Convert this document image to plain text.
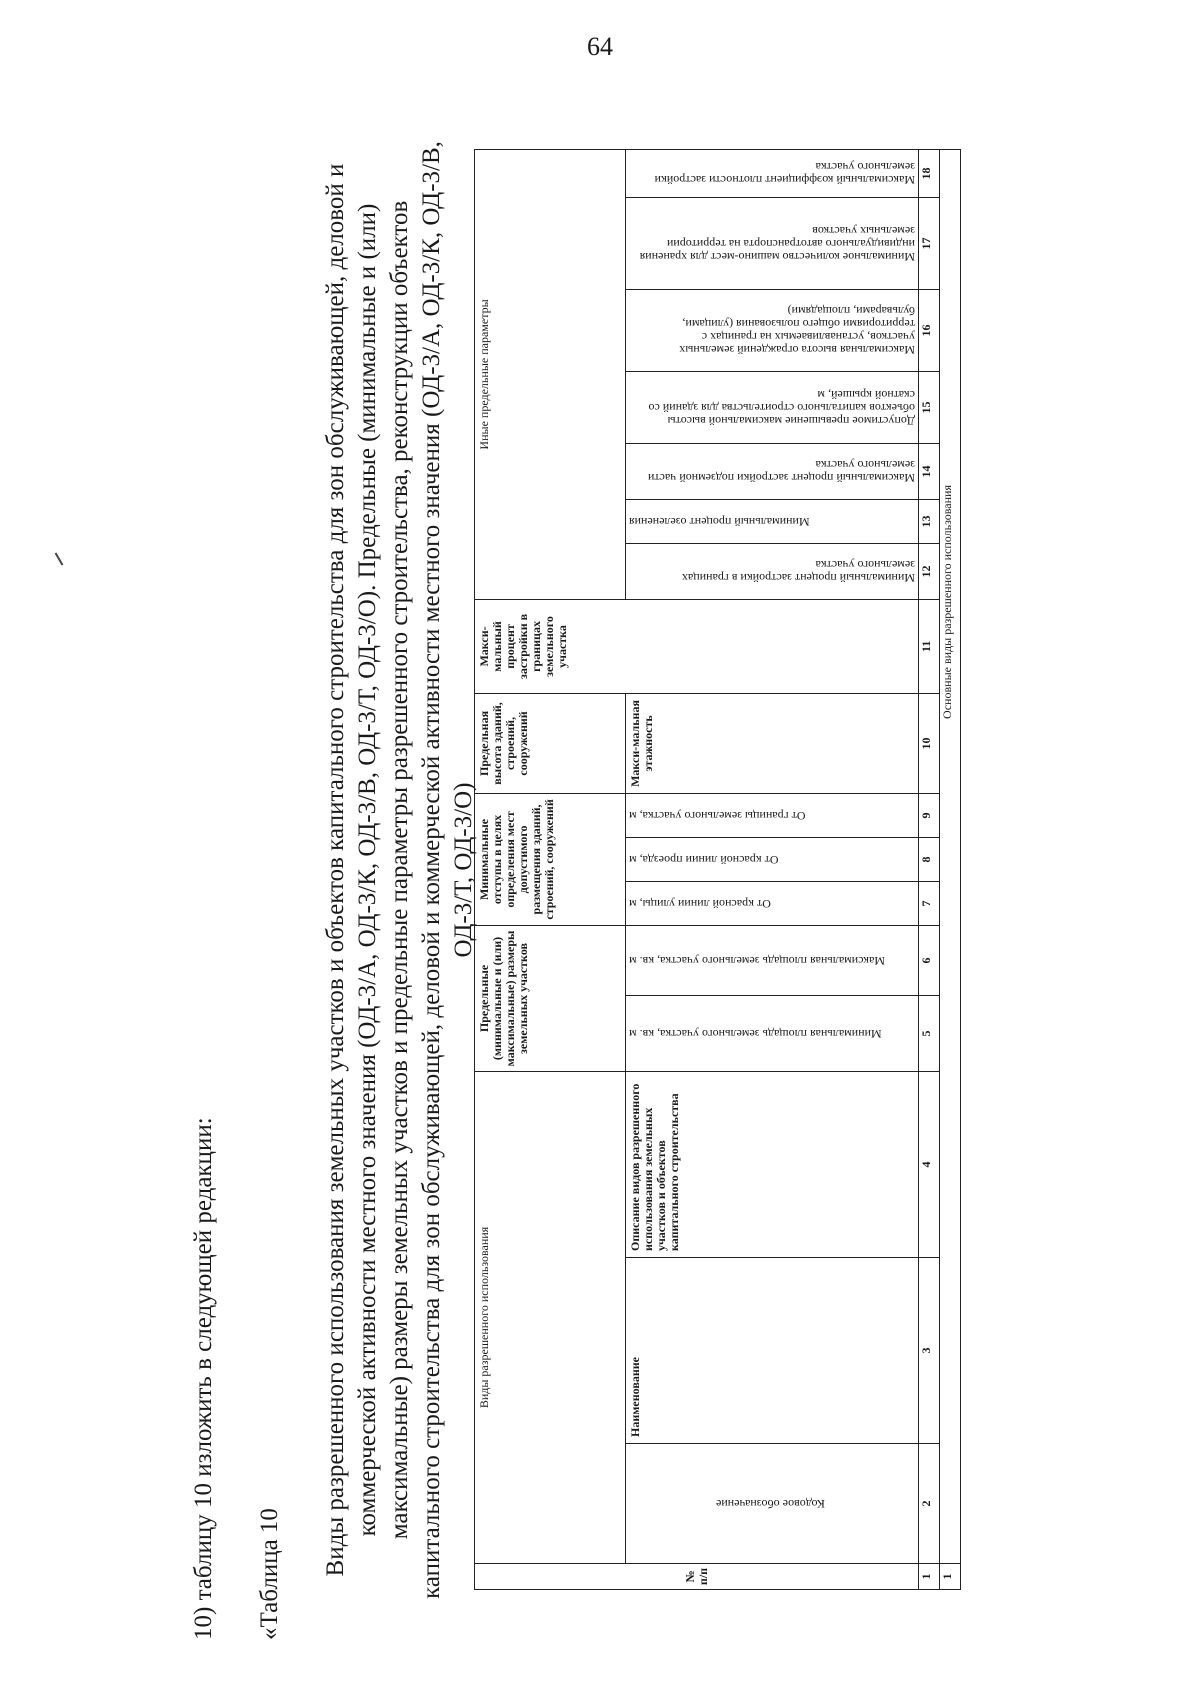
64
10) таблицу 10 изложить в следующей редакции: «Таблица 10 Виды разрешенного использования земельных участков и объектов капитального строительства для зон обслуживающей, деловой и коммерческой активности местного значения (ОД-3/А, ОД-3/К, ОД-3/В, ОД-3/Т, ОД-3/О). Предельные (минимальные и (или) максимальные) размеры земельных участков и предельные параметры разрешенного строительства, реконструкции объектов капитального строительства для зон обслуживающей, деловой и коммерческой активности местного значения (ОД-3/А, ОД-3/К, ОД-3/В, ОД-3/Т, ОД-3/О)
№ п/п	Виды разрешенного использования			Предельные (минимальные и (или) максимальные) размеры земельных участков		Минимальные отступы в целях определения мест допустимого размещения зданий, строений, сооружений			Предельная высота зданий, строений, сооружений	Макси-мальный процент застройки в границах земельного участка	Иные предельные параметры						
	Кодовое обозначение	Наименование	Описание видов разрешенного использования земельных участков и объектов капитального строительства						Макси-мальная этажность		Минимальный процент застройки в границах земельного участка	Минимальный процент озеленения	Максимальный процент застройки подземной части земельного участка	Допустимое превышение максимальной высоты объектов капитального строительства для зданий со скатной крышей, м	Максимальная высота ограждений земельных участков, устанавливаемых на границах с территориями общего пользования (улицами, бульварами, площадями)	Минимальное количество машино-мест для хранения индивидуального автотранспорта на территории земельных участков	Максимальный коэффициент плотности застройки земельного участка
				Минимальная площадь земельного участка, кв. м	Максимальная площадь земельного участка, кв. м	От красной линии улицы, м	От красной линии проезда, м	От границы земельного участка, м									
1	2	3	4	5	6	7	8	9	10	11	12	13	14	15	16	17	18
1	Основные виды разрешенного использования																
